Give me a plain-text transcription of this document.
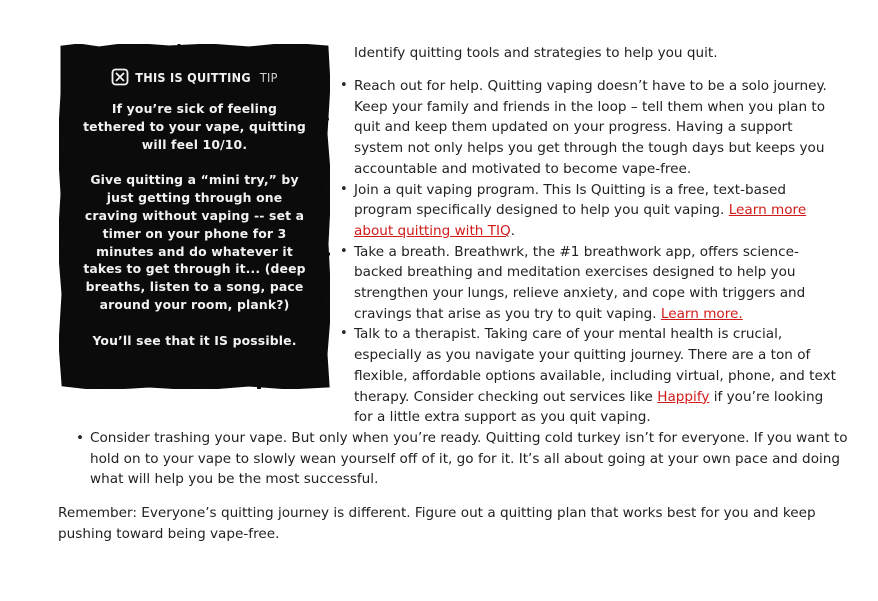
THIS IS QUITTING TIP

If you’re sick of feeling tethered to your vape, quitting will feel 10/10.

Give quitting a “mini try,” by just getting through one craving without vaping -- set a timer on your phone for 3 minutes and do whatever it takes to get through it... (deep breaths, listen to a song, pace around your room, plank?)

You’ll see that it IS possible.

Identify quitting tools and strategies to help you quit.

• Reach out for help. Quitting vaping doesn’t have to be a solo journey. Keep your family and friends in the loop – tell them when you plan to quit and keep them updated on your progress. Having a support system not only helps you get through the tough days but keeps you accountable and motivated to become vape-free.
• Join a quit vaping program. This Is Quitting is a free, text-based program specifically designed to help you quit vaping. Learn more about quitting with TIQ.
• Take a breath. Breathwrk, the #1 breathwork app, offers science-backed breathing and meditation exercises designed to help you strengthen your lungs, relieve anxiety, and cope with triggers and cravings that arise as you try to quit vaping. Learn more.
• Talk to a therapist. Taking care of your mental health is crucial, especially as you navigate your quitting journey. There are a ton of flexible, affordable options available, including virtual, phone, and text therapy. Consider checking out services like Happify if you’re looking for a little extra support as you quit vaping.
• Consider trashing your vape. But only when you’re ready. Quitting cold turkey isn’t for everyone. If you want to hold on to your vape to slowly wean yourself off of it, go for it. It’s all about going at your own pace and doing what will help you be the most successful.

Remember: Everyone’s quitting journey is different. Figure out a quitting plan that works best for you and keep pushing toward being vape-free.
